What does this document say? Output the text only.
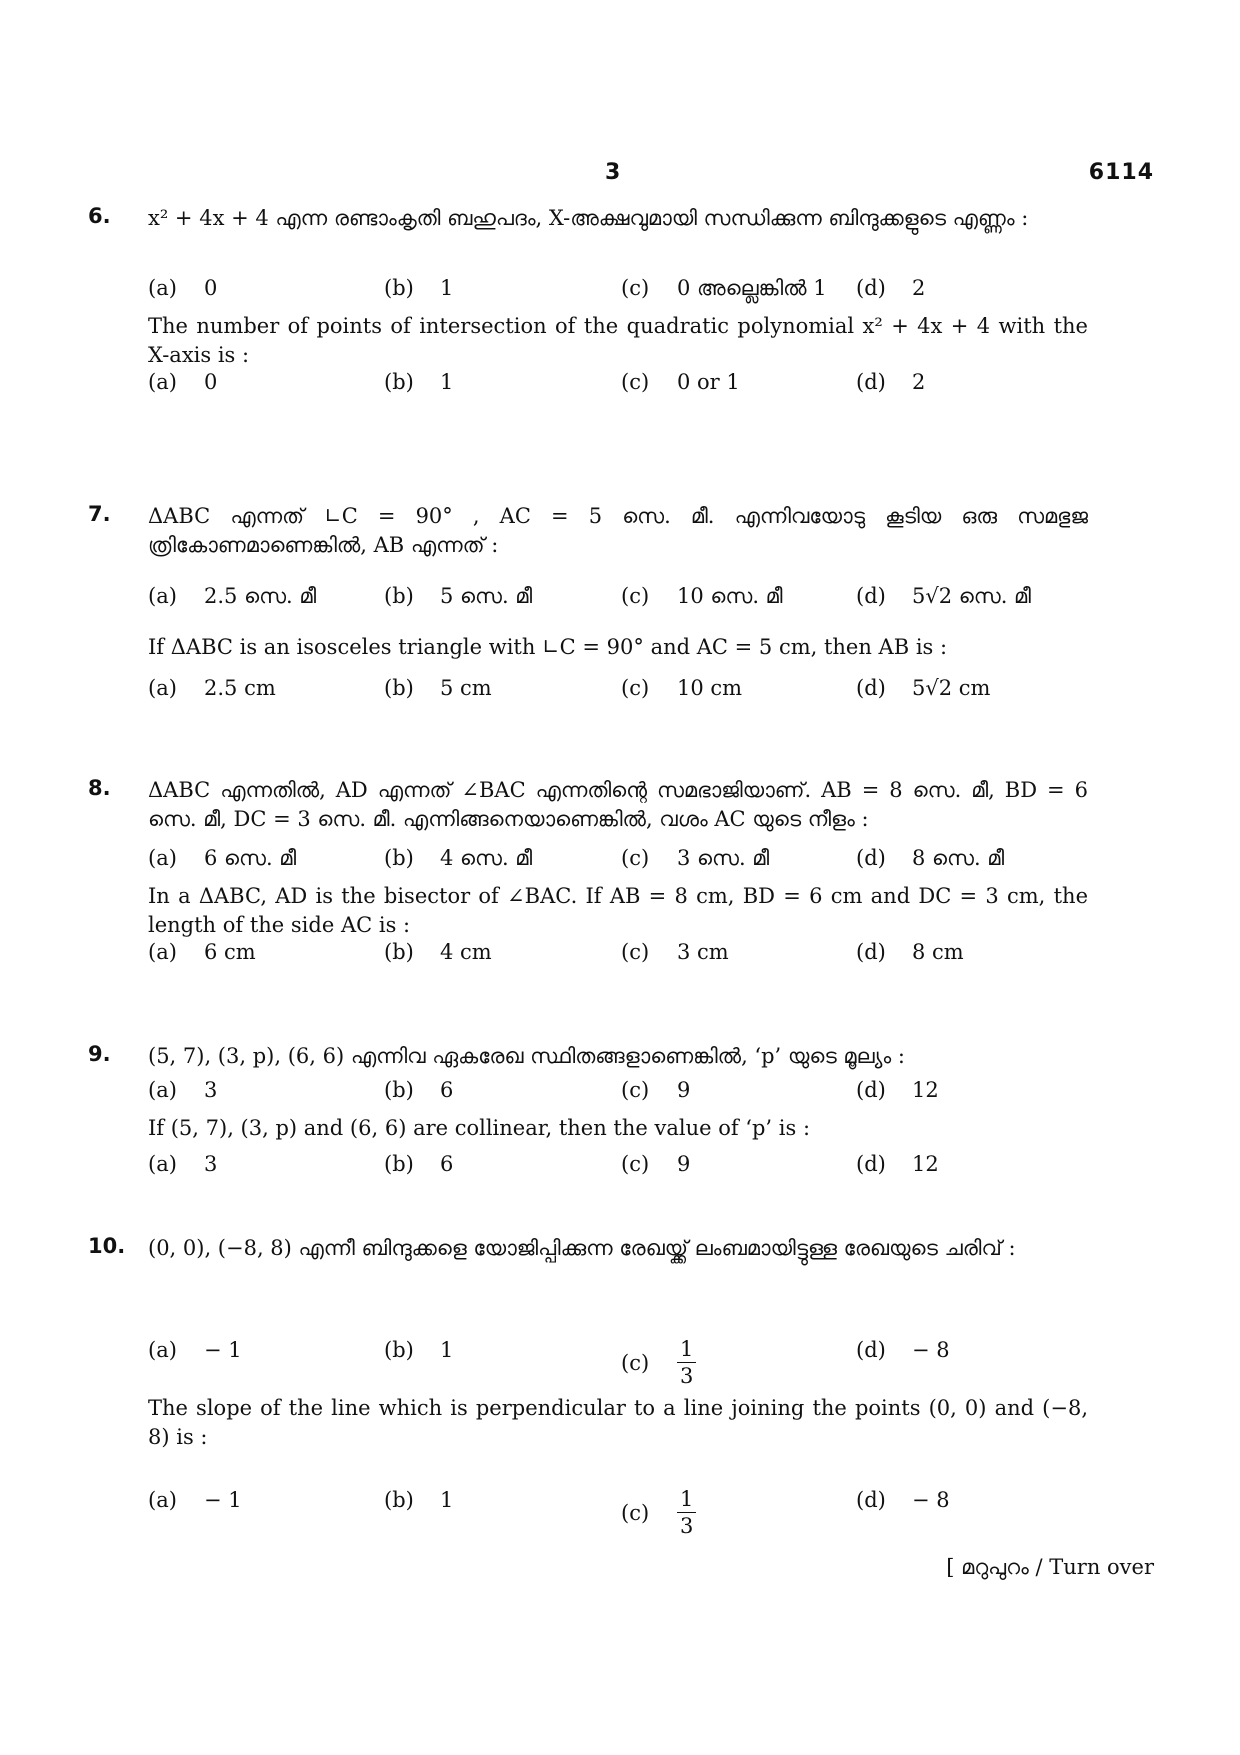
3	6114
6. x² + 4x + 4 എന്ന രണ്ടാംകൃതി ബഹുപദം, X-അക്ഷവുമായി സന്ധിക്കുന്ന ബിന്ദുക്കളുടെ എണ്ണം :
(a) 0	(b) 1	(c) 0 അല്ലെങ്കിൽ 1 (d) 2
The number of points of intersection of the quadratic polynomial x² + 4x + 4 with the X-axis is :
(a) 0	(b) 1	(c) 0 or 1	(d) 2
7. ΔABC എന്നത് ∟C = 90° , AC = 5 സെ. മീ. എന്നിവയോടു കൂടിയ ഒരു സമഭുജ ത്രികോണമാണെങ്കിൽ, AB എന്നത് :
(a) 2.5 സെ. മീ	(b) 5 സെ. മീ	(c) 10 സെ. മീ	(d) 5√2 സെ. മീ
If ΔABC is an isosceles triangle with ∟C = 90° and AC = 5 cm, then AB is :
(a) 2.5 cm	(b) 5 cm	(c) 10 cm	(d) 5√2 cm
8. ΔABC എന്നതിൽ, AD എന്നത് ∠BAC എന്നതിന്റെ സമഭാജിയാണ്. AB = 8 സെ. മീ, BD = 6 സെ. മീ, DC = 3 സെ. മീ. എന്നിങ്ങനെയാണെങ്കിൽ, വശം AC യുടെ നീളം :
(a) 6 സെ. മീ	(b) 4 സെ. മീ	(c) 3 സെ. മീ	(d) 8 സെ. മീ
In a ΔABC, AD is the bisector of ∠BAC. If AB = 8 cm, BD = 6 cm and DC = 3 cm, the length of the side AC is :
(a) 6 cm	(b) 4 cm	(c) 3 cm	(d) 8 cm
9. (5, 7), (3, p), (6, 6) എന്നിവ ഏകരേഖ സ്ഥിതങ്ങളാണെങ്കിൽ, ‘p’ യുടെ മൂല്യം :
(a) 3	(b) 6	(c) 9	(d) 12
If (5, 7), (3, p) and (6, 6) are collinear, then the value of ‘p’ is :
(a) 3	(b) 6	(c) 9	(d) 12
10. (0, 0), (−8, 8) എന്നീ ബിന്ദുക്കളെ യോജിപ്പിക്കുന്ന രേഖയ്ക്ക് ലംബമായിട്ടുള്ള രേഖയുടെ ചരിവ് :
(a) − 1	(b) 1
$(c) \frac{1}{3}$	(d) − 8
The slope of the line which is perpendicular to a line joining the points (0, 0) and (−8, 8) is :
(a) − 1	(b) 1
$(c) \frac{1}{3}$	(d) − 8
[ മറുപുറം / Turn over
